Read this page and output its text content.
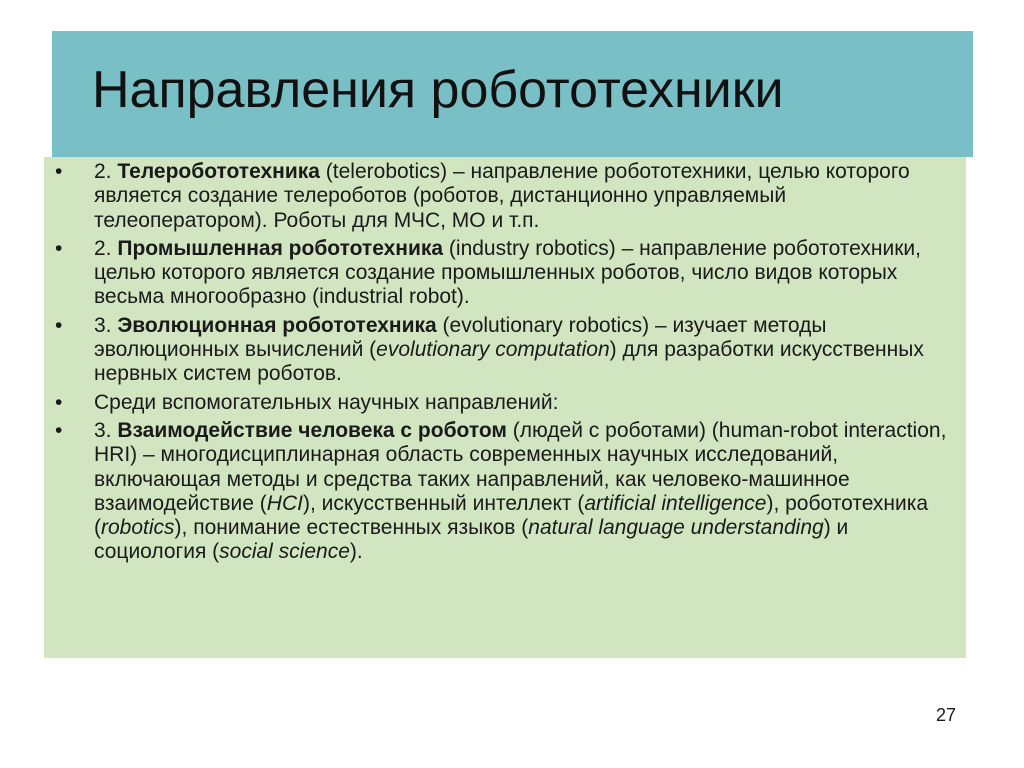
Направления робототехники
• 2. Телеробототехника (telerobotics) – направление робототехники, целью которого является создание телероботов (роботов, дистанционно управляемый телеоператором). Роботы для МЧС, МО и т.п.
• 2. Промышленная робототехника (industry robotics) – направление робототехники, целью которого является создание промышленных роботов, число видов которых весьма многообразно (industrial robot).
• 3. Эволюционная робототехника (evolutionary robotics) – изучает методы эволюционных вычислений (evolutionary computation) для разработки искусственных нервных систем роботов.
• Среди вспомогательных научных направлений:
• 3. Взаимодействие человека с роботом (людей с роботами) (human-robot interaction, HRI) – многодисциплинарная область современных научных исследований, включающая методы и средства таких направлений, как человеко-машинное взаимодействие (HCI), искусственный интеллект (artificial intelligence), робототехника (robotics), понимание естественных языков (natural language understanding) и социология (social science).
27
